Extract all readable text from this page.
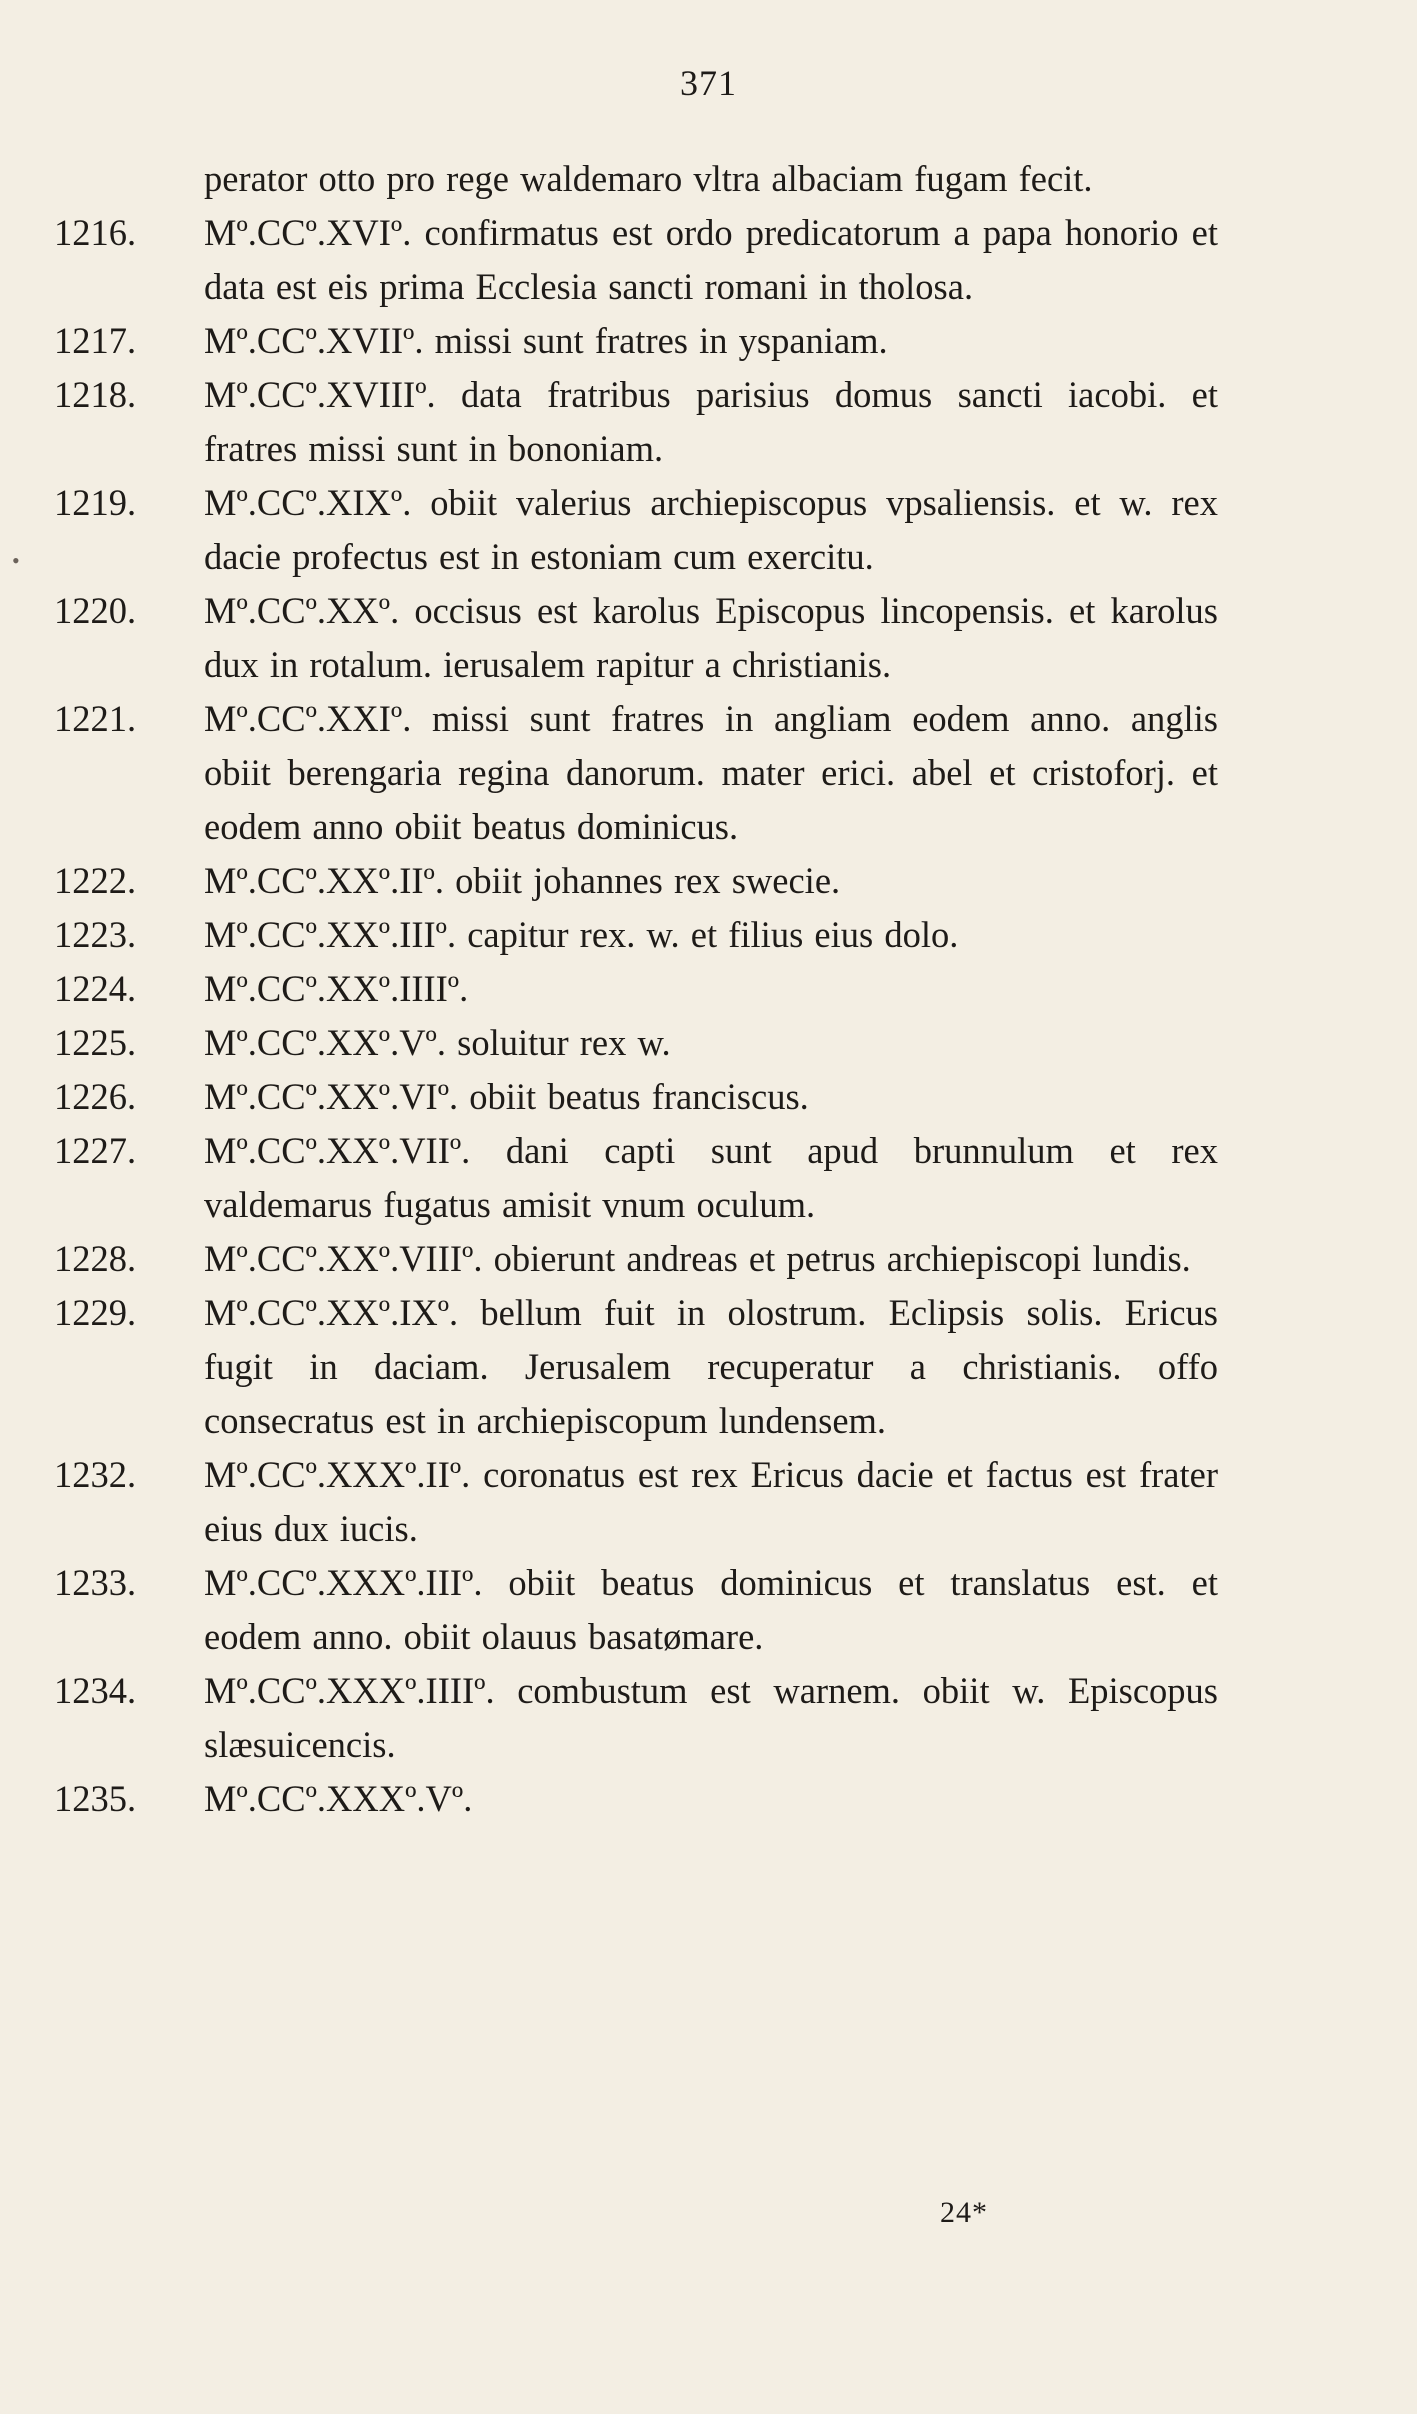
371
•
perator otto pro rege waldemaro vltra albaciam fugam fecit.
1216.	Mº.CCº.XVIº. confirmatus est ordo predicatorum a papa honorio et data est eis prima Ecclesia sancti romani in tholosa.
1217.	Mº.CCº.XVIIº. missi sunt fratres in yspaniam.
1218.	Mº.CCº.XVIIIº. data fratribus parisius domus sancti iacobi. et fratres missi sunt in bononiam.
1219.	Mº.CCº.XIXº. obiit valerius archiepiscopus vpsaliensis. et w. rex dacie profectus est in estoniam cum exercitu.
1220.	Mº.CCº.XXº. occisus est karolus Episcopus lincopensis. et karolus dux in rotalum. ierusalem rapitur a christianis.
1221.	Mº.CCº.XXIº. missi sunt fratres in angliam eodem anno. anglis obiit berengaria regina danorum. mater erici. abel et cristoforj. et eodem anno obiit beatus dominicus.
1222.	Mº.CCº.XXº.IIº. obiit johannes rex swecie.
1223.	Mº.CCº.XXº.IIIº. capitur rex. w. et filius eius dolo.
1224.	Mº.CCº.XXº.IIIIº.
1225.	Mº.CCº.XXº.Vº. soluitur rex w.
1226.	Mº.CCº.XXº.VIº. obiit beatus franciscus.
1227.	Mº.CCº.XXº.VIIº. dani capti sunt apud brunnulum et rex valdemarus fugatus amisit vnum oculum.
1228.	Mº.CCº.XXº.VIIIº. obierunt andreas et petrus archiepiscopi lundis.
1229.	Mº.CCº.XXº.IXº. bellum fuit in olostrum. Eclipsis solis. Ericus fugit in daciam. Jerusalem recuperatur a christianis. offo consecratus est in archiepiscopum lundensem.
1232.	Mº.CCº.XXXº.IIº. coronatus est rex Ericus dacie et factus est frater eius dux iucis.
1233.	Mº.CCº.XXXº.IIIº. obiit beatus dominicus et translatus est. et eodem anno. obiit olauus basatømare.
1234.	Mº.CCº.XXXº.IIIIº. combustum est warnem. obiit w. Episcopus slæsuicencis.
1235.	Mº.CCº.XXXº.Vº.
24*
